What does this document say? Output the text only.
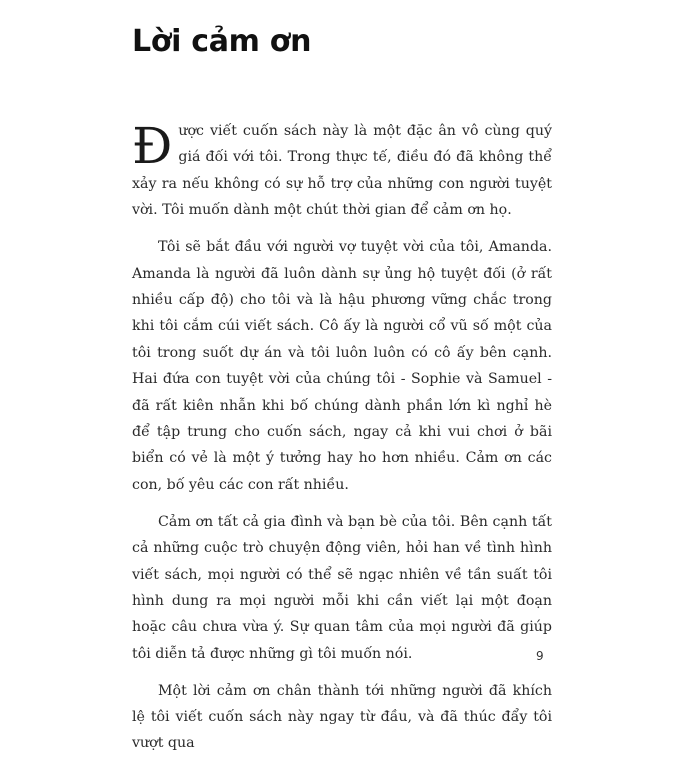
Lời cảm ơn

Được viết cuốn sách này là một đặc ân vô cùng quý giá đối với tôi. Trong thực tế, điều đó đã không thể xảy ra nếu không có sự hỗ trợ của những con người tuyệt vời. Tôi muốn dành một chút thời gian để cảm ơn họ.

Tôi sẽ bắt đầu với người vợ tuyệt vời của tôi, Amanda. Amanda là người đã luôn dành sự ủng hộ tuyệt đối (ở rất nhiều cấp độ) cho tôi và là hậu phương vững chắc trong khi tôi cắm cúi viết sách. Cô ấy là người cổ vũ số một của tôi trong suốt dự án và tôi luôn luôn có cô ấy bên cạnh. Hai đứa con tuyệt vời của chúng tôi - Sophie và Samuel - đã rất kiên nhẫn khi bố chúng dành phần lớn kì nghỉ hè để tập trung cho cuốn sách, ngay cả khi vui chơi ở bãi biển có vẻ là một ý tưởng hay ho hơn nhiều. Cảm ơn các con, bố yêu các con rất nhiều.

Cảm ơn tất cả gia đình và bạn bè của tôi. Bên cạnh tất cả những cuộc trò chuyện động viên, hỏi han về tình hình viết sách, mọi người có thể sẽ ngạc nhiên về tần suất tôi hình dung ra mọi người mỗi khi cần viết lại một đoạn hoặc câu chưa vừa ý. Sự quan tâm của mọi người đã giúp tôi diễn tả được những gì tôi muốn nói.

Một lời cảm ơn chân thành tới những người đã khích lệ tôi viết cuốn sách này ngay từ đầu, và đã thúc đẩy tôi vượt qua

9
